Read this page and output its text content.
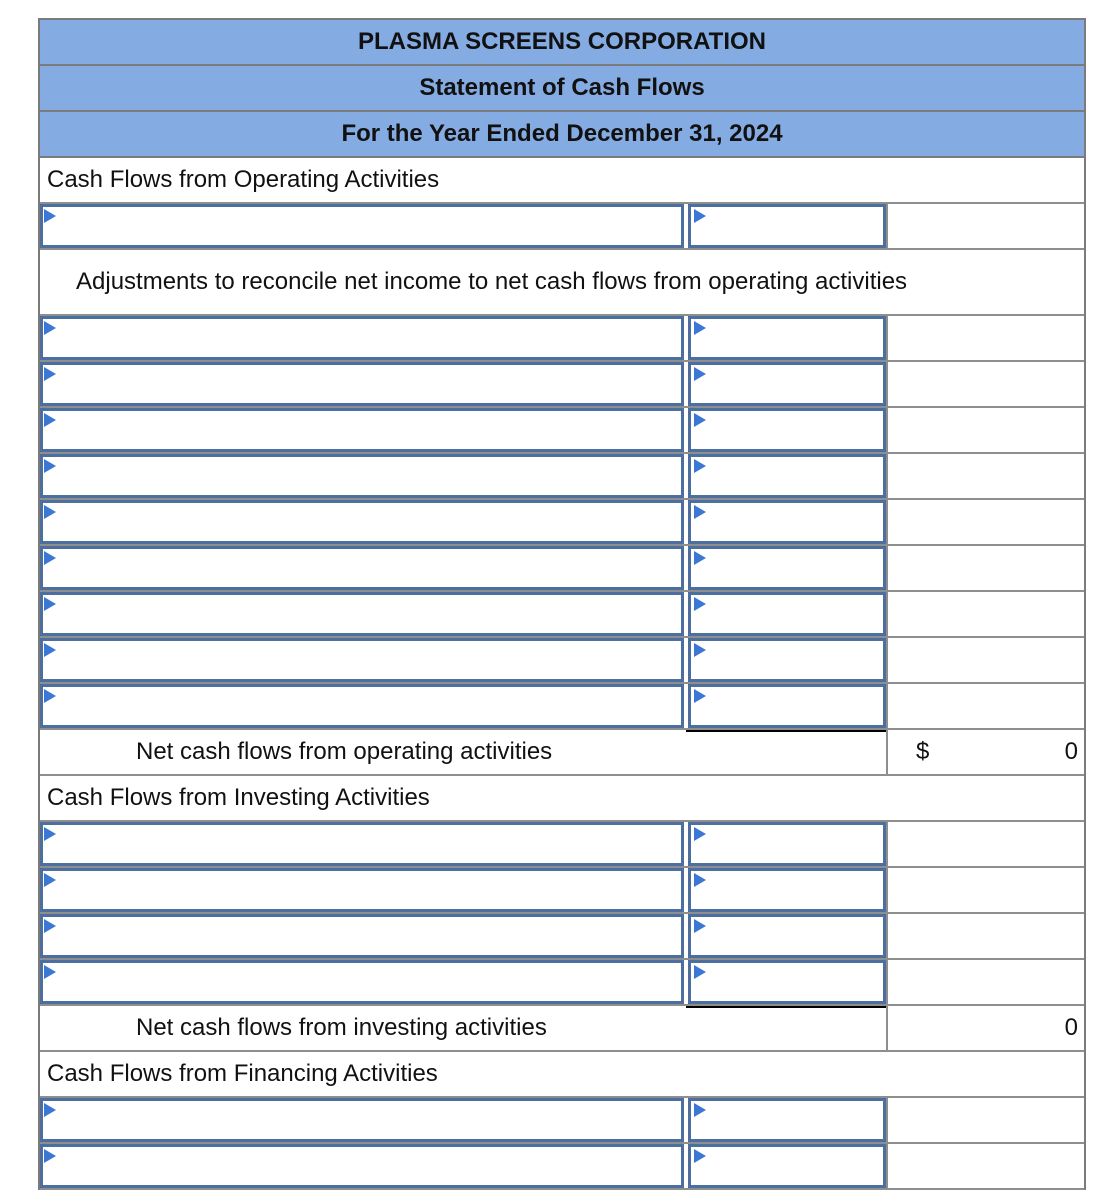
PLASMA SCREENS CORPORATION
Statement of Cash Flows
For the Year Ended December 31, 2024
Cash Flows from Operating Activities
Adjustments to reconcile net income to net cash flows from operating activities
Net cash flows from operating activities	$	0
Cash Flows from Investing Activities
Net cash flows from investing activities	0
Cash Flows from Financing Activities
